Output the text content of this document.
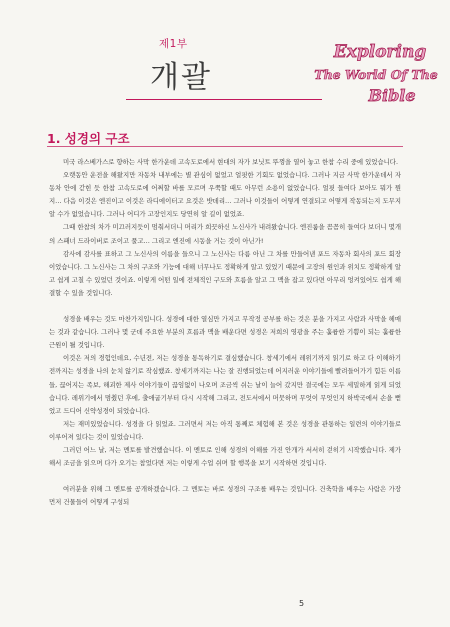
제1부
개괄
Exploring
The World Of The
Bible
1. 성경의 구조

미국 라스베가스로 향하는 사막 한가운데 고속도로에서 현대의 자가 보닛트 뚜껑을 열어 놓고 한참 수리 중에 있었습니다.

오랫동안 운전을 해왔지만 자동차 내부에는 별 관심이 없었고 얼핏한 기회도 없었습니다. 그러나 지금 사막 한가운데서 자동차 안에 갇힌 듯 한참 고속도로에 어쩌할 바를 모르며 우쭉할 때도 아무런 소용이 없었습니다. 얼핏 들여다 보아도 뭐가 뭔지… 다음 이것은 엔진이고 이것은 라디에이터고 요것은 밧데리… 그러나 이것들이 어떻게 연결되고 어떻게 작동되는지 도무지 알 수가 없었습니다. 그러나 어디가 고장인지도 당연히 알 길이 없었죠.

그때 한참의 차가 미끄러지듯이 멈춰서더니 머리가 희끗하신 노신사가 내려왔습니다. 엔진룸을 꼼꼼히 들여다 보더니 몇개의 스패너 드라이버로 조이고 풀고… 그리고 엔진에 시동을 거는 것이 아닌가!

감사에 감사를 표하고 그 노신사의 이름을 들으니 그 노신사는 다름 아닌 그 차를 만들어낸 포드 자동차 회사의 포드 회장이었습니다. 그 노신사는 그 차의 구조와 기능에 대해 너무나도 정확하게 알고 있었기 때문에 고장의 원인과 위치도 정확하게 알고 쉽게 고칠 수 있었던 것이죠. 이렇게 어떤 일에 전체적인 구도와 흐름을 알고 그 맥을 잡고 있다면 아무리 엉켜있어도 쉽게 해결할 수 있을 것입니다.

성경을 배우는 것도 마찬가지입니다. 성경에 대한 열심만 가지고 무작정 공부를 하는 것은 분을 가지고 사람과 사막을 헤매는 것과 같습니다. 그러나 몇 군데 주요한 부분의 흐름과 맥을 배운다면 성경은 저희의 영광을 주는 훌륭한 기쁨이 되는 훌륭한 근원이 될 것입니다.

이것은 저의 경험인데요, 수년전, 저는 성경을 통독하기로 결심했습니다. 창세기에서 레위기까지 읽기로 하고 다 이해하기 전까지는 성경을 나의 눈치 않기로 작심했죠. 창세기까지는 나는 잘 진행되었는데 어지러운 이야기들에 빨려들어가기 힘든 이름들, 끊어지는 족보, 해괴한 제사 이야기들이 끊임없이 나오며 조금씩 쉬는 날이 늘어 갔지만 결국에는 모두 세밀하게 읽게 되었습니다. 레위기에서 멈췄던 후에, 출애굽기부터 다시 시작해 그리고, 전도서에서 머뭇하며 무엇이 무엇인지 하박국에서 손을 뻗었고 드디어 신약성경이 되었습니다.

저는 재미있었습니다. 성경을 다 읽었죠. 그러면서 저는 아직 통째로 체험해 본 것은 성경을 관통하는 일련의 이야기들로 이루어져 있다는 것이 있었습니다.

그러던 어느 날, 저는 멘토를 발견했습니다. 이 멘토로 인해 성경의 이해를 가진 안개가 서서히 걷히기 시작했습니다. 제가 해서 조금을 읽으며 다가 오기는 참었다면 저는 이렇게 수업 쉬며 할 행복을 보기 시작하면 것입니다.

여러분을 위해 그 멘토를 공개하겠습니다. 그 멘토는 바로 성경의 구조를 배우는 것입니다. 건축학을 배우는 사람은 가장 먼저 건물들이 어떻게 구성되

5
